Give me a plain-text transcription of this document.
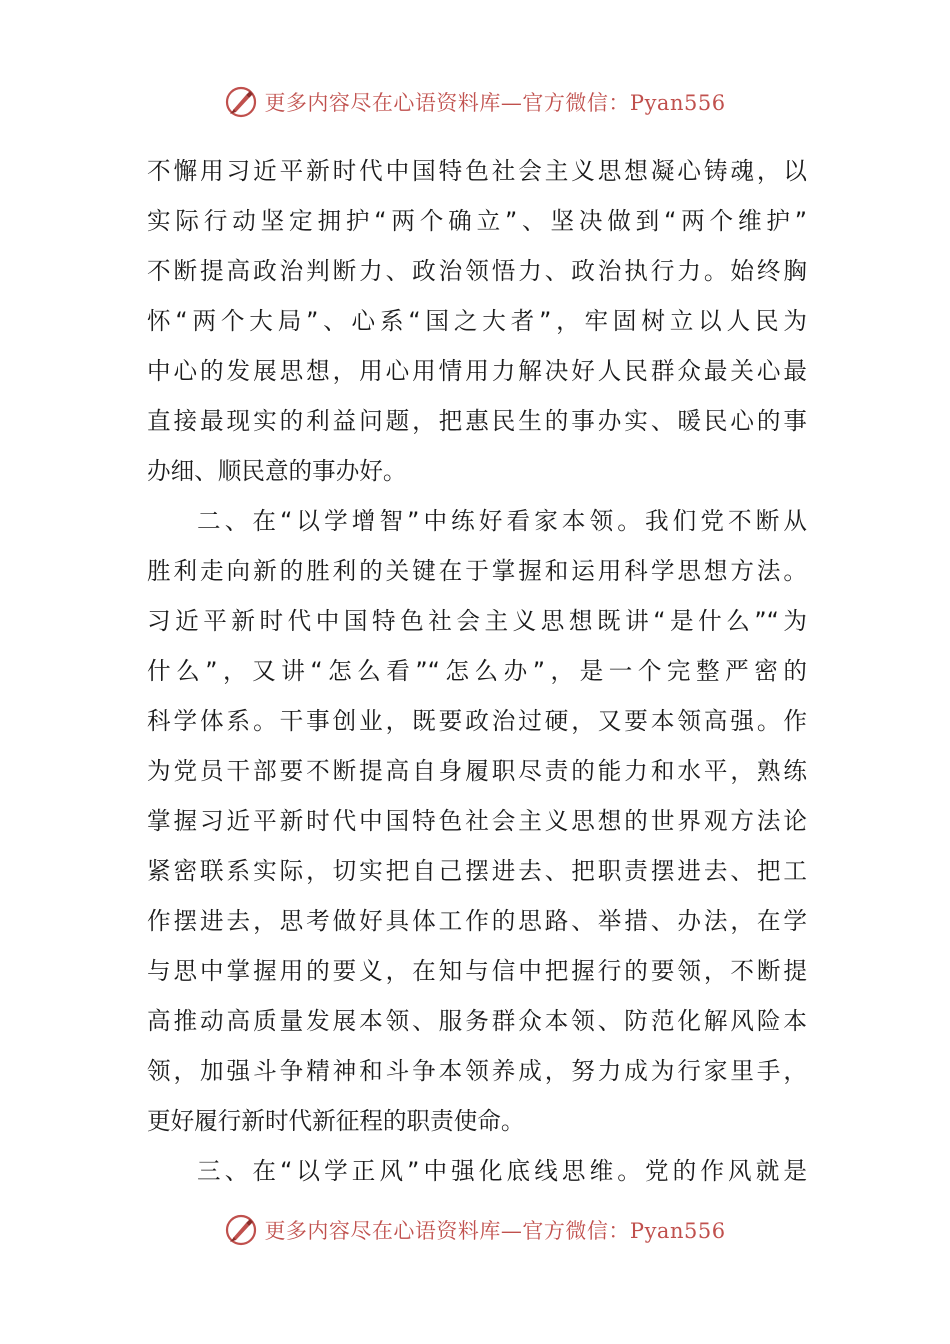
更多内容尽在心语资料库—官方微信：Pyan556
不懈用习近平新时代中国特色社会主义思想凝心铸魂，以
实际行动坚定拥护“两个确立”、坚决做到“两个维护”
不断提高政治判断力、政治领悟力、政治执行力。始终胸
怀“两个大局”、心系“国之大者”，牢固树立以人民为
中心的发展思想，用心用情用力解决好人民群众最关心最
直接最现实的利益问题，把惠民生的事办实、暖民心的事
办细、顺民意的事办好。
二、在“以学增智”中练好看家本领。我们党不断从
胜利走向新的胜利的关键在于掌握和运用科学思想方法。
习近平新时代中国特色社会主义思想既讲“是什么”“为
什么”，又讲“怎么看”“怎么办”，是一个完整严密的
科学体系。干事创业，既要政治过硬，又要本领高强。作
为党员干部要不断提高自身履职尽责的能力和水平，熟练
掌握习近平新时代中国特色社会主义思想的世界观方法论
紧密联系实际，切实把自己摆进去、把职责摆进去、把工
作摆进去，思考做好具体工作的思路、举措、办法，在学
与思中掌握用的要义，在知与信中把握行的要领，不断提
高推动高质量发展本领、服务群众本领、防范化解风险本
领，加强斗争精神和斗争本领养成，努力成为行家里手，
更好履行新时代新征程的职责使命。
三、在“以学正风”中强化底线思维。党的作风就是
更多内容尽在心语资料库—官方微信：Pyan556
